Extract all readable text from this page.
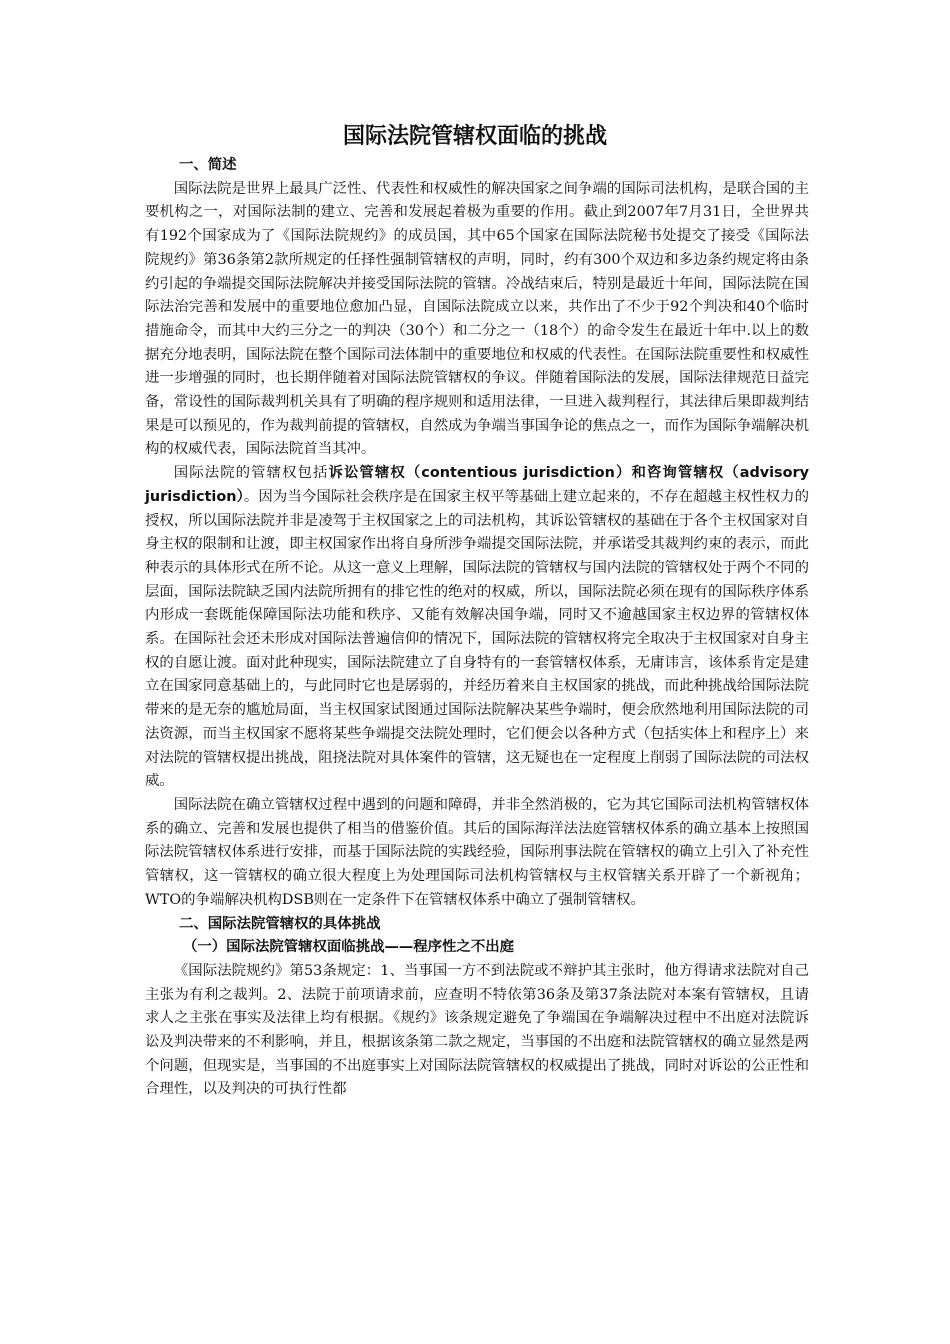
国际法院管辖权面临的挑战
一、简述

国际法院是世界上最具广泛性、代表性和权威性的解决国家之间争端的国际司法机构，是联合国的主要机构之一，对国际法制的建立、完善和发展起着极为重要的作用。截止到2007年7月31日，全世界共有192个国家成为了《国际法院规约》的成员国，其中65个国家在国际法院秘书处提交了接受《国际法院规约》第36条第2款所规定的任择性强制管辖权的声明，同时，约有300个双边和多边条约规定将由条约引起的争端提交国际法院解决并接受国际法院的管辖。冷战结束后，特别是最近十年间，国际法院在国际法治完善和发展中的重要地位愈加凸显，自国际法院成立以来，共作出了不少于92个判决和40个临时措施命令，而其中大约三分之一的判决（30个）和二分之一（18个）的命令发生在最近十年中.以上的数据充分地表明，国际法院在整个国际司法体制中的重要地位和权威的代表性。在国际法院重要性和权威性进一步增强的同时，也长期伴随着对国际法院管辖权的争议。伴随着国际法的发展，国际法律规范日益完备，常设性的国际裁判机关具有了明确的程序规则和适用法律，一旦进入裁判程行，其法律后果即裁判结果是可以预见的，作为裁判前提的管辖权，自然成为争端当事国争论的焦点之一，而作为国际争端解决机构的权威代表，国际法院首当其冲。

国际法院的管辖权包括诉讼管辖权（contentious jurisdiction）和咨询管辖权（advisory jurisdiction）。因为当今国际社会秩序是在国家主权平等基础上建立起来的，不存在超越主权性权力的授权，所以国际法院并非是凌驾于主权国家之上的司法机构，其诉讼管辖权的基础在于各个主权国家对自身主权的限制和让渡，即主权国家作出将自身所涉争端提交国际法院，并承诺受其裁判约束的表示，而此种表示的具体形式在所不论。从这一意义上理解，国际法院的管辖权与国内法院的管辖权处于两个不同的层面，国际法院缺乏国内法院所拥有的排它性的绝对的权威，所以，国际法院必须在现有的国际秩序体系内形成一套既能保障国际法功能和秩序、又能有效解决国争端，同时又不逾越国家主权边界的管辖权体系。在国际社会还未形成对国际法普遍信仰的情况下，国际法院的管辖权将完全取决于主权国家对自身主权的自愿让渡。面对此种现实，国际法院建立了自身特有的一套管辖权体系，无庸讳言，该体系肯定是建立在国家同意基础上的，与此同时它也是孱弱的，并经历着来自主权国家的挑战，而此种挑战给国际法院带来的是无奈的尴尬局面，当主权国家试图通过国际法院解决某些争端时，便会欣然地利用国际法院的司法资源，而当主权国家不愿将某些争端提交法院处理时，它们便会以各种方式（包括实体上和程序上）来对法院的管辖权提出挑战，阻挠法院对具体案件的管辖，这无疑也在一定程度上削弱了国际法院的司法权威。

国际法院在确立管辖权过程中遇到的问题和障碍，并非全然消极的，它为其它国际司法机构管辖权体系的确立、完善和发展也提供了相当的借鉴价值。其后的国际海洋法法庭管辖权体系的确立基本上按照国际法院管辖权体系进行安排，而基于国际法院的实践经验，国际刑事法院在管辖权的确立上引入了补充性管辖权，这一管辖权的确立很大程度上为处理国际司法机构管辖权与主权管辖关系开辟了一个新视角；WTO的争端解决机构DSB则在一定条件下在管辖权体系中确立了强制管辖权。

二、国际法院管辖权的具体挑战
（一）国际法院管辖权面临挑战——程序性之不出庭

《国际法院规约》第53条规定：1、当事国一方不到法院或不辩护其主张时，他方得请求法院对自己主张为有利之裁判。2、法院于前项请求前，应查明不特依第36条及第37条法院对本案有管辖权，且请求人之主张在事实及法律上均有根据。《规约》该条规定避免了争端国在争端解决过程中不出庭对法院诉讼及判决带来的不利影响，并且，根据该条第二款之规定，当事国的不出庭和法院管辖权的确立显然是两个问题，但现实是，当事国的不出庭事实上对国际法院管辖权的权威提出了挑战，同时对诉讼的公正性和合理性，以及判决的可执行性都
